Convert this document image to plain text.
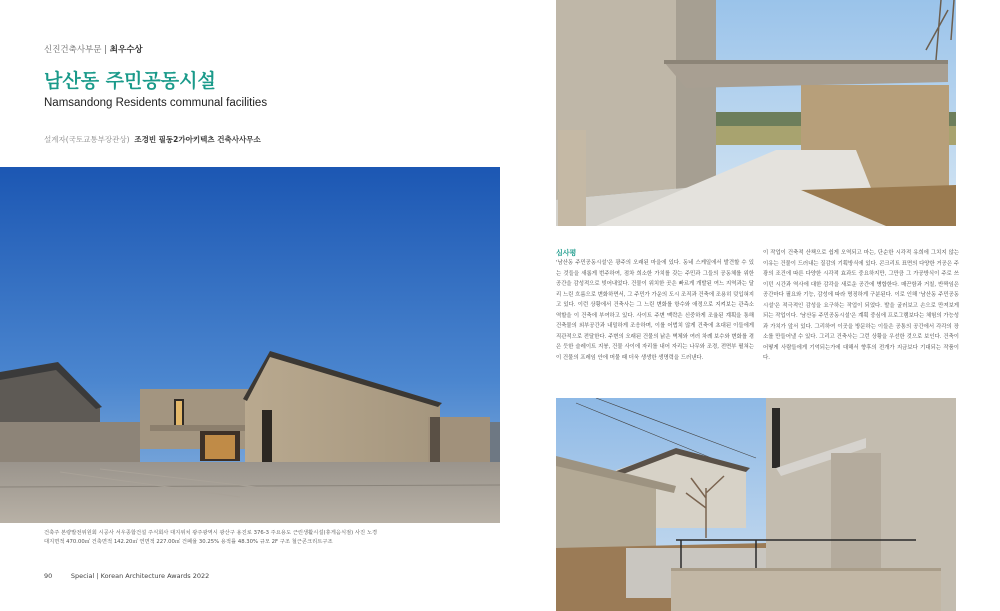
신진건축사부문 | 최우수상
남산동 주민공동시설
Namsandong Residents communal facilities
설계자(국토교통부장관상) 조경빈 필동2가아키텍츠 건축사사무소
건축주 본량발전위원회 시공사 서우종합건설 주식회사 대지위치 광주광역시 광산구 용진로 376-3 주요용도 근린생활시설(휴게음식점) 사진 노경
대지면적 470.00㎡ 건축면적 142.20㎡ 연면적 227.00㎡ 건폐율 30.25% 용적률 48.30% 규모 2F 구조 철근콘크리트구조
90	Special | Korean Architecture Awards 2022
심사평
'남산동 주민공동시설'은 광주의 오래된 마을에 있다. 동네 스케일에서 발견할 수 있는 것들을 새롭게 번주하여, 점차 희소한 가치를 갖는 주민과 그들의 공동체를 위한 공간을 감성적으로 빚어내었다. 건물이 위치한 곳은 빠르게 개발된 여느 지역과는 달리 느린 흐름으로 변화하면서, 그 주민가 가운의 도시 조직과 건축에 조용히 덧입혀지고 있다. 이런 상황에서 건축사는 그 느린 변화를 항수와 애정으로 지켜보는 관측소 역할을 이 건축에 부여하고 있다. 사이트 주변 맥락은 신중하게 조율된 계획을 통해 건축물의 외부공간과 내밀하게 조응하며, 이를 어법치 않게 건축에 초대된 이들에게 직관적으로 전달한다. 주변의 오래된 건물의 낡은 벽체와 여러 차례 보수와 변화를 겪은 듯한 슬레이트 지붕, 건물 사이에 자리를 내어 자리는 나무와 조경, 전면부 펼쳐는 이 건물의 프레임 안에 머물 때 더욱 생생한 생명력을 드러낸다.
이 작업이 건축적 산책으로 쉽게 오역되고 마는, 단순한 시각적 유희에 그치지 않는 이유는 건물이 드러내는 질감의 기획방식에 있다. 콘크리트 표면의 다양한 거공은 주광의 조건에 따른 다양한 시각적 효과도 중요하지만, 그만큼 그 가공방식이 주로 쓰이던 시간과 역사에 대한 감각을 새로운 공간에 병합한다. 매끈함과 거칠, 반짝임은 공간마다 필요와 기능, 감성에 따라 명징하게 구분된다. 이로 인해 '남산동 주민공동시설'은 적극적인 감성을 요구하는 작업이 되었다. 발을 굴러보고 손으로 만져보게 되는 작업이다. '남산동 주민공동시설'은 계획 중심에 프로그램보다는 체험의 가능성과 가치가 앞서 있다. 그리하여 이곳을 방문하는 이들은 공통의 공간에서 각각의 장소를 만들어낼 수 있다. 그리고 건축사는 그런 상황을 우선한 것으로 보인다. 건축이 어떻게 사람들에게 기억되는가에 대해서 향후의 전개가 지금보다 기대되는 작품이다.
